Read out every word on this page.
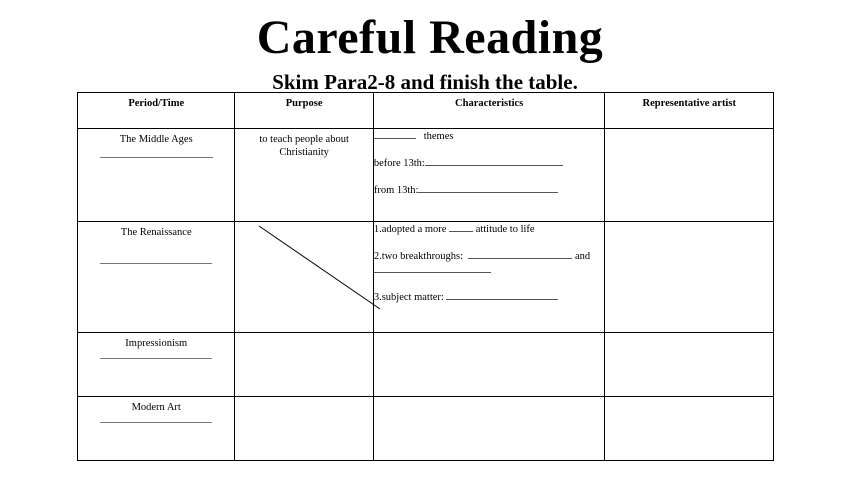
Careful Reading
Skim Para2-8 and finish the table.
Period/Time	Purpose	Characteristics	Representative artist

The Middle Ages	to teach people about Christianity	themes
before 13th:
from 13th:	

The Renaissance		1.adopted a more attitude to life
2.two breakthroughs: and
3.subject matter:	

Impressionism			

Modern Art			
